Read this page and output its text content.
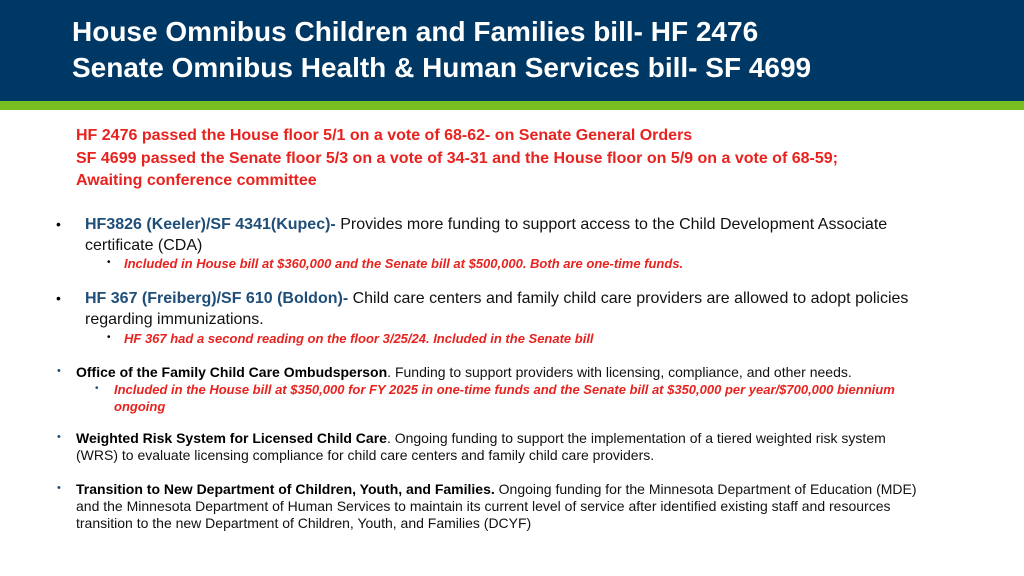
House Omnibus Children and Families bill- HF 2476
Senate Omnibus Health & Human Services bill- SF 4699
HF 2476 passed the House floor 5/1 on a vote of 68-62- on Senate General Orders
SF 4699 passed the Senate floor 5/3 on a vote of 34-31 and the House floor on 5/9 on a vote of 68-59;
Awaiting conference committee
• HF3826 (Keeler)/SF 4341(Kupec)- Provides more funding to support access to the Child Development Associate certificate (CDA)
• Included in House bill at $360,000 and the Senate bill at $500,000. Both are one-time funds.
• HF 367 (Freiberg)/SF 610 (Boldon)- Child care centers and family child care providers are allowed to adopt policies regarding immunizations.
• HF 367 had a second reading on the floor 3/25/24. Included in the Senate bill
• Office of the Family Child Care Ombudsperson. Funding to support providers with licensing, compliance, and other needs.
• Included in the House bill at $350,000 for FY 2025 in one-time funds and the Senate bill at $350,000 per year/$700,000 biennium ongoing
• Weighted Risk System for Licensed Child Care. Ongoing funding to support the implementation of a tiered weighted risk system (WRS) to evaluate licensing compliance for child care centers and family child care providers.
• Transition to New Department of Children, Youth, and Families. Ongoing funding for the Minnesota Department of Education (MDE) and the Minnesota Department of Human Services to maintain its current level of service after identified existing staff and resources transition to the new Department of Children, Youth, and Families (DCYF)
